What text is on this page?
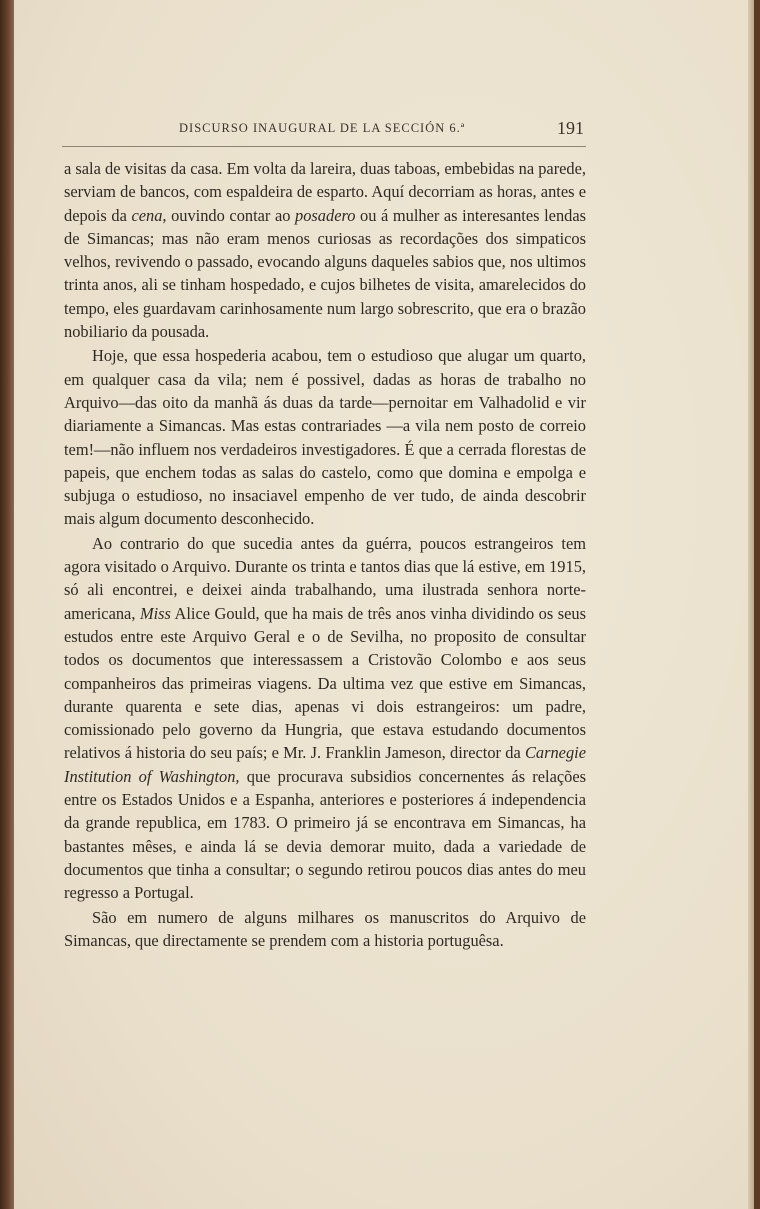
DISCURSO INAUGURAL DE LA SECCIÓN 6.ª	191

a sala de visitas da casa. Em volta da lareira, duas taboas, embebidas na parede, serviam de bancos, com espaldeira de esparto. Aquí decorriam as horas, antes e depois da cena, ouvindo contar ao posadero ou á mulher as interesantes lendas de Simancas; mas não eram menos curiosas as recordações dos simpaticos velhos, revivendo o passado, evocando alguns daqueles sabios que, nos ultimos trinta anos, ali se tinham hospedado, e cujos bilhetes de visita, amarelecidos do tempo, eles guardavam carinhosamente num largo sobrescrito, que era o brazão nobiliario da pousada.

Hoje, que essa hospederia acabou, tem o estudioso que alugar um quarto, em qualquer casa da vila; nem é possivel, dadas as horas de trabalho no Arquivo—das oito da manhã ás duas da tarde—pernoitar em Valhadolid e vir diariamente a Simancas. Mas estas contrariades —a vila nem posto de correio tem!—não influem nos verdadeiros investigadores. É que a cerrada florestas de papeis, que enchem todas as salas do castelo, como que domina e empolga e subjuga o estudioso, no insaciavel empenho de ver tudo, de ainda descobrir mais algum documento desconhecido.

Ao contrario do que sucedia antes da guérra, poucos estrangeiros tem agora visitado o Arquivo. Durante os trinta e tantos dias que lá estive, em 1915, só ali encontrei, e deixei ainda trabalhando, uma ilustrada senhora norte-americana, Miss Alice Gould, que ha mais de três anos vinha dividindo os seus estudos entre este Arquivo Geral e o de Sevilha, no proposito de consultar todos os documentos que interessassem a Cristovão Colombo e aos seus companheiros das primeiras viagens. Da ultima vez que estive em Simancas, durante quarenta e sete dias, apenas vi dois estrangeiros: um padre, comissionado pelo governo da Hungria, que estava estudando documentos relativos á historia do seu país; e Mr. J. Franklin Jameson, director da Carnegie Institution of Washington, que procurava subsidios concernentes ás relações entre os Estados Unidos e a Espanha, anteriores e posteriores á independencia da grande republica, em 1783. O primeiro já se encontrava em Simancas, ha bastantes mêses, e ainda lá se devia demorar muito, dada a variedade de documentos que tinha a consultar; o segundo retirou poucos dias antes do meu regresso a Portugal.

São em numero de alguns milhares os manuscritos do Arquivo de Simancas, que directamente se prendem com a historia portuguêsa.
